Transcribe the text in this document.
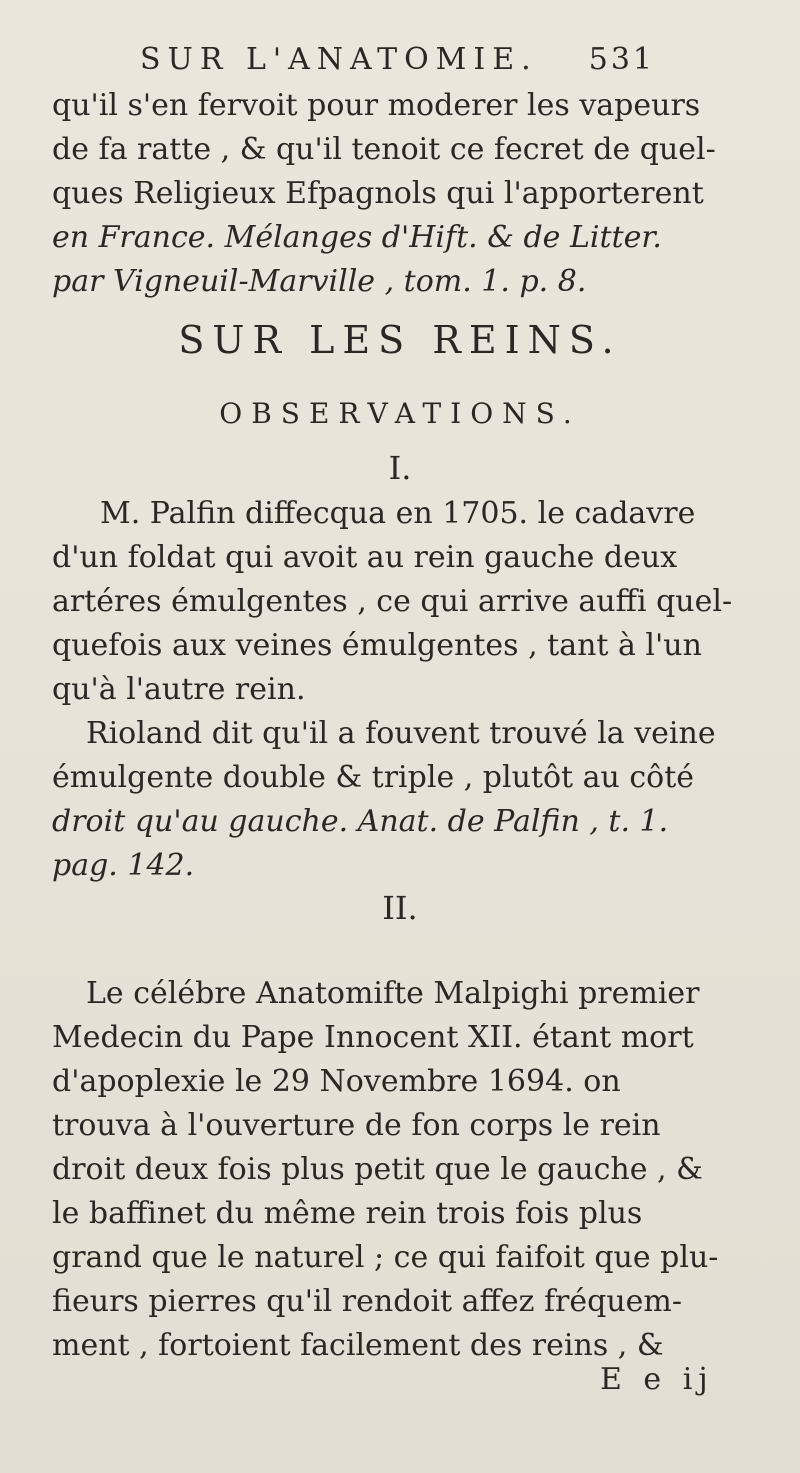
SUR L'ANATOMIE. 531
qu'il s'en fervoit pour moderer les vapeurs
de fa ratte , & qu'il tenoit ce fecret de quel-
ques Religieux Efpagnols qui l'apporterent
en France. Mélanges d'Hift. & de Litter.
par Vigneuil-Marville , tom. 1. p. 8.
SUR LES REINS.
OBSERVATIONS.
I.
M. Palfin diffecqua en 1705. le cadavre
d'un foldat qui avoit au rein gauche deux
artéres émulgentes , ce qui arrive auffi quel-
quefois aux veines émulgentes , tant à l'un
qu'à l'autre rein.
Rioland dit qu'il a fouvent trouvé la veine
émulgente double & triple , plutôt au côté
droit qu'au gauche. Anat. de Palfin , t. 1.
pag. 142.
II.
Le célébre Anatomifte Malpighi premier
Medecin du Pape Innocent XII. étant mort
d'apoplexie le 29 Novembre 1694. on
trouva à l'ouverture de fon corps le rein
droit deux fois plus petit que le gauche , &
le baffinet du même rein trois fois plus
grand que le naturel ; ce qui faifoit que plu-
fieurs pierres qu'il rendoit affez fréquem-
ment , fortoient facilement des reins , &
E e ij
